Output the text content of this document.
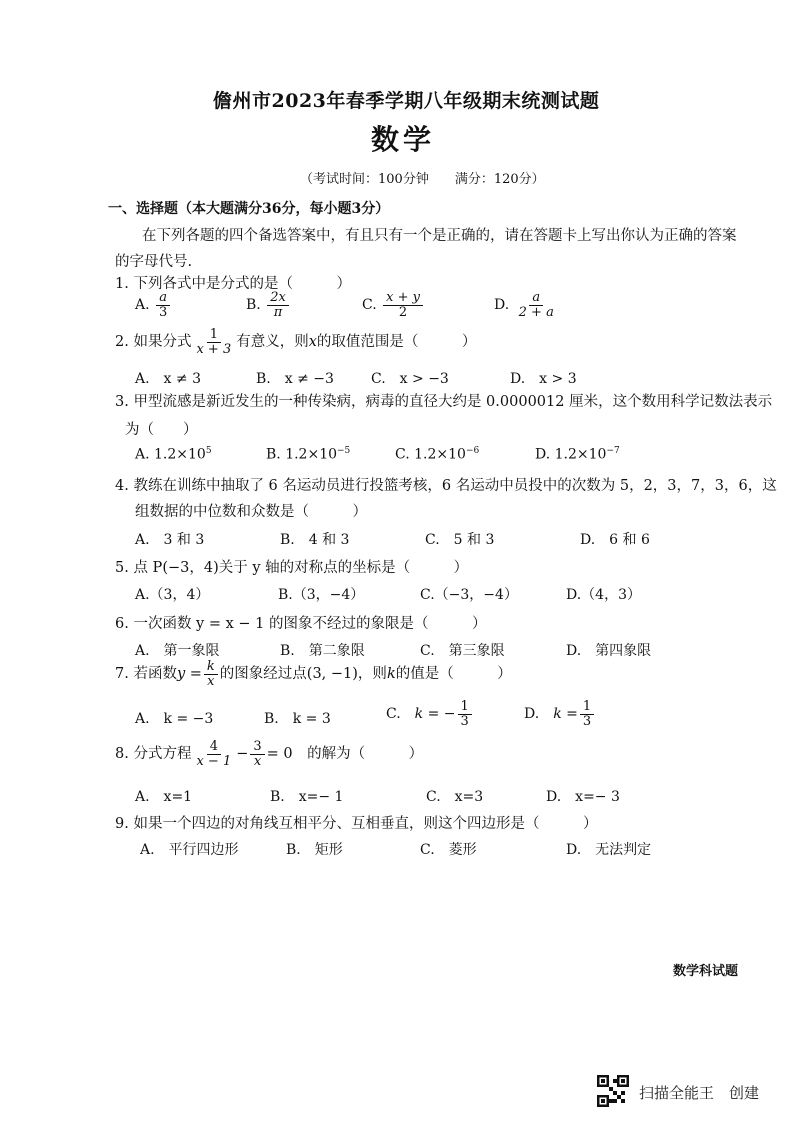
儋州市2023年春季学期八年级期末统测试题
数学
（考试时间：100分钟　　满分：120分）
一、选择题（本大题满分36分，每小题3分）
在下列各题的四个备选答案中，有且只有一个是正确的，请在答题卡上写出你认为正确的答案
的字母代号.
1. 下列各式中是分式的是（　　　）
A. $\frac{a}{3}$	B. $\frac{2x}{\pi}$	C. $\frac{x + y}{2}$	D. $\frac{a}{2 + a}$
2. 如果分式 $\frac{1}{x + 3}$ 有意义，则x的取值范围是（　　　）
A.　x ≠ 3	B.　x ≠ −3	C.　x > −3	D.　x > 3
3. 甲型流感是新近发生的一种传染病，病毒的直径大约是 0.0000012 厘米，这个数用科学记数法表示
为（　　）
A. $1.2\times 10^5$	B. $1.2\times 10^{-5}$	C. $1.2\times 10^{-6}$	D. $1.2\times 10^{-7}$
4. 教练在训练中抽取了 6 名运动员进行投篮考核，6 名运动中员投中的次数为 5，2，3，7，3，6，这
组数据的中位数和众数是（　　　）
A.　3 和 3	B.　4 和 3	C.　5 和 3	D.　6 和 6
5. 点 P(−3，4)关于 y 轴的对称点的坐标是（　　　）
A.（3，4）	B.（3，−4）	C.（−3，−4）	D.（4，3）
6. 一次函数 y = x − 1 的图象不经过的象限是（　　　）
A.　第一象限	B.　第二象限	C.　第三象限	D.　第四象限
7. 若函数$y = \frac{k}{x}$ 的图象经过点(3, −1)，则k的值是（　　　）
A.　k = −3	B.　k = 3	C.　 k = − $\frac{1}{3}$	D.　 $k = \frac{1}{3}$
8. 分式方程 $\frac{4}{x - 1} - \frac{3}{x} = 0$　 的解为（　　　）
A.　x=1	B.　x=− 1	C.　x=3	D.　x=− 3
9. 如果一个四边的对角线互相平分、互相垂直，则这个四边形是（　　　）
A.　平行四边形	B.　矩形	C.　菱形	D.　无法判定
数学科试题
扫描全能王　创建
